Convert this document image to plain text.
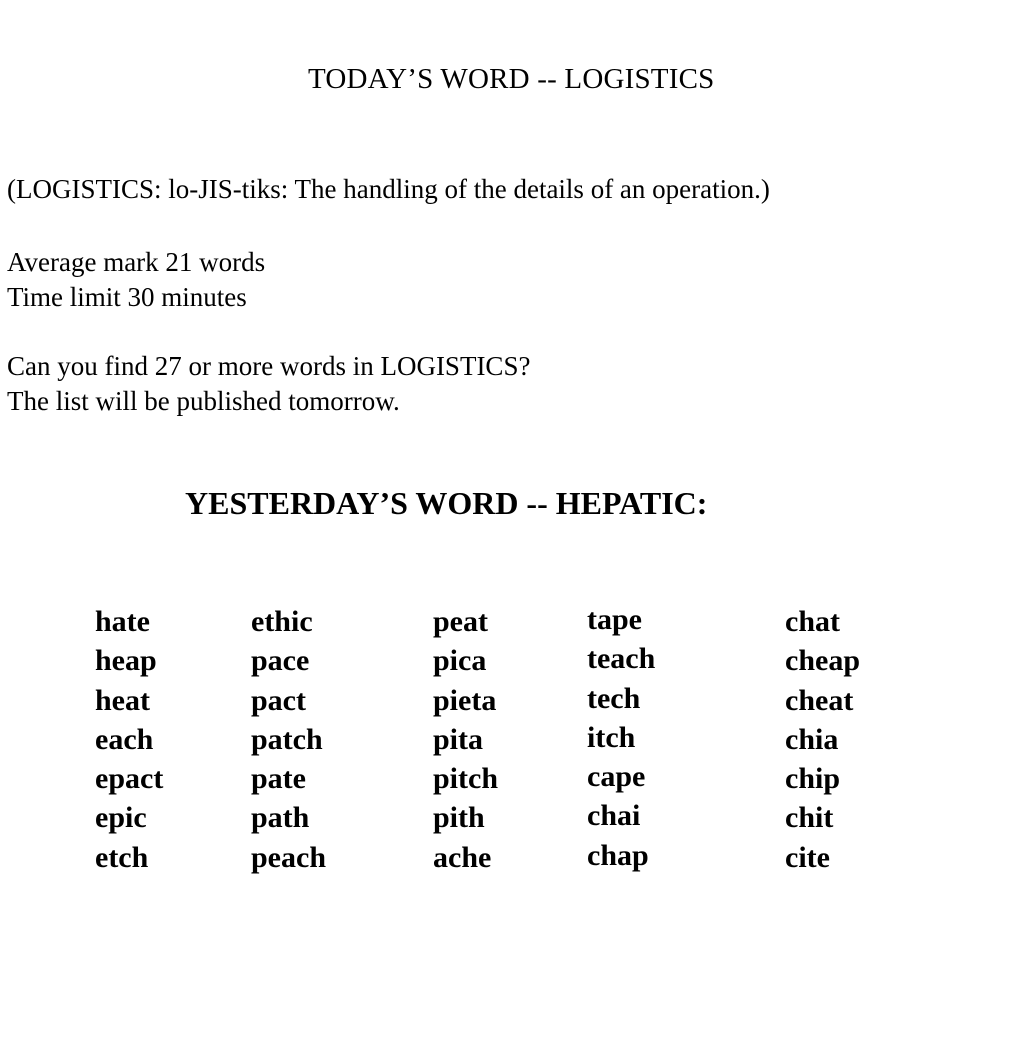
TODAY’S WORD -- LOGISTICS
(LOGISTICS: lo-JIS-tiks: The handling of the details of an operation.)
Average mark 21 words
Time limit 30 minutes
Can you find 27 or more words in LOGISTICS?
The list will be published tomorrow.
YESTERDAY’S WORD -- HEPATIC:
hate
heap
heat
each
epact
epic
etch
ethic
pace
pact
patch
pate
path
peach
peat
pica
pieta
pita
pitch
pith
ache
tape
teach
tech
itch
cape
chai
chap
chat
cheap
cheat
chia
chip
chit
cite
